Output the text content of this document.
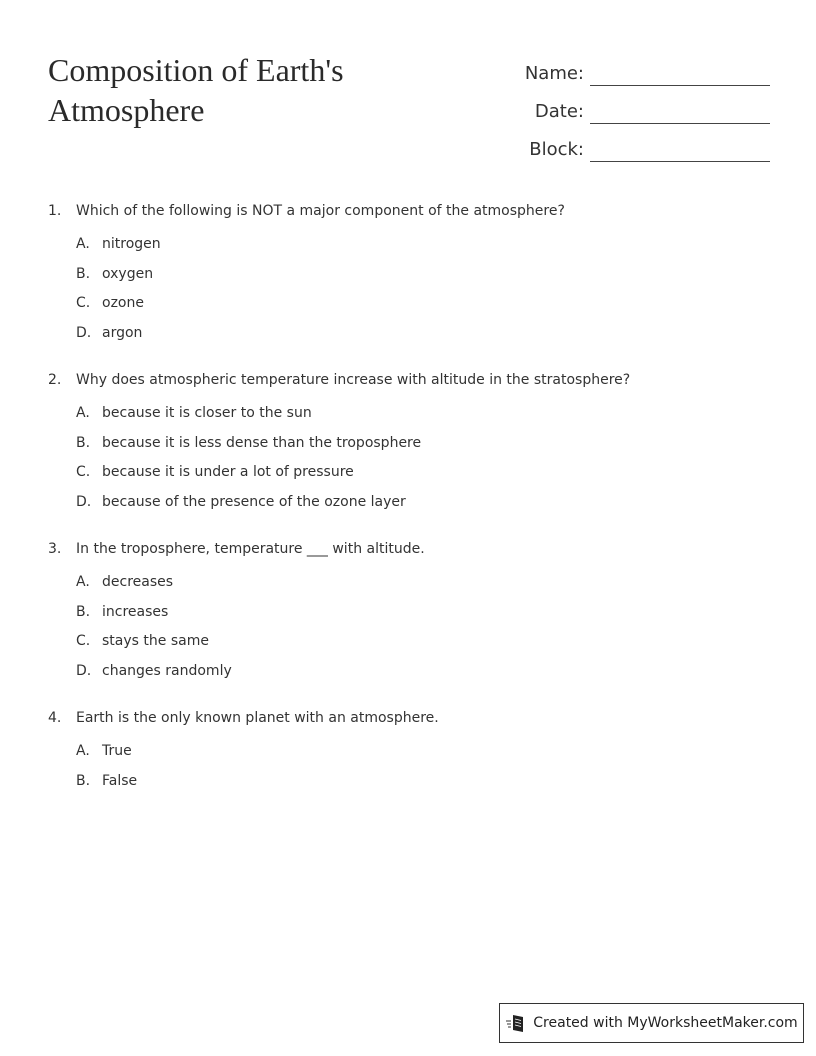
Composition of Earth's Atmosphere
Name:
Date:
Block:
1.	Which of the following is NOT a major component of the atmosphere?
A. nitrogen
B. oxygen
C. ozone
D. argon
2.	Why does atmospheric temperature increase with altitude in the stratosphere?
A. because it is closer to the sun
B. because it is less dense than the troposphere
C. because it is under a lot of pressure
D. because of the presence of the ozone layer
3.	In the troposphere, temperature ___ with altitude.
A. decreases
B. increases
C. stays the same
D. changes randomly
4.	Earth is the only known planet with an atmosphere.
A. True
B. False
Created with MyWorksheetMaker.com
